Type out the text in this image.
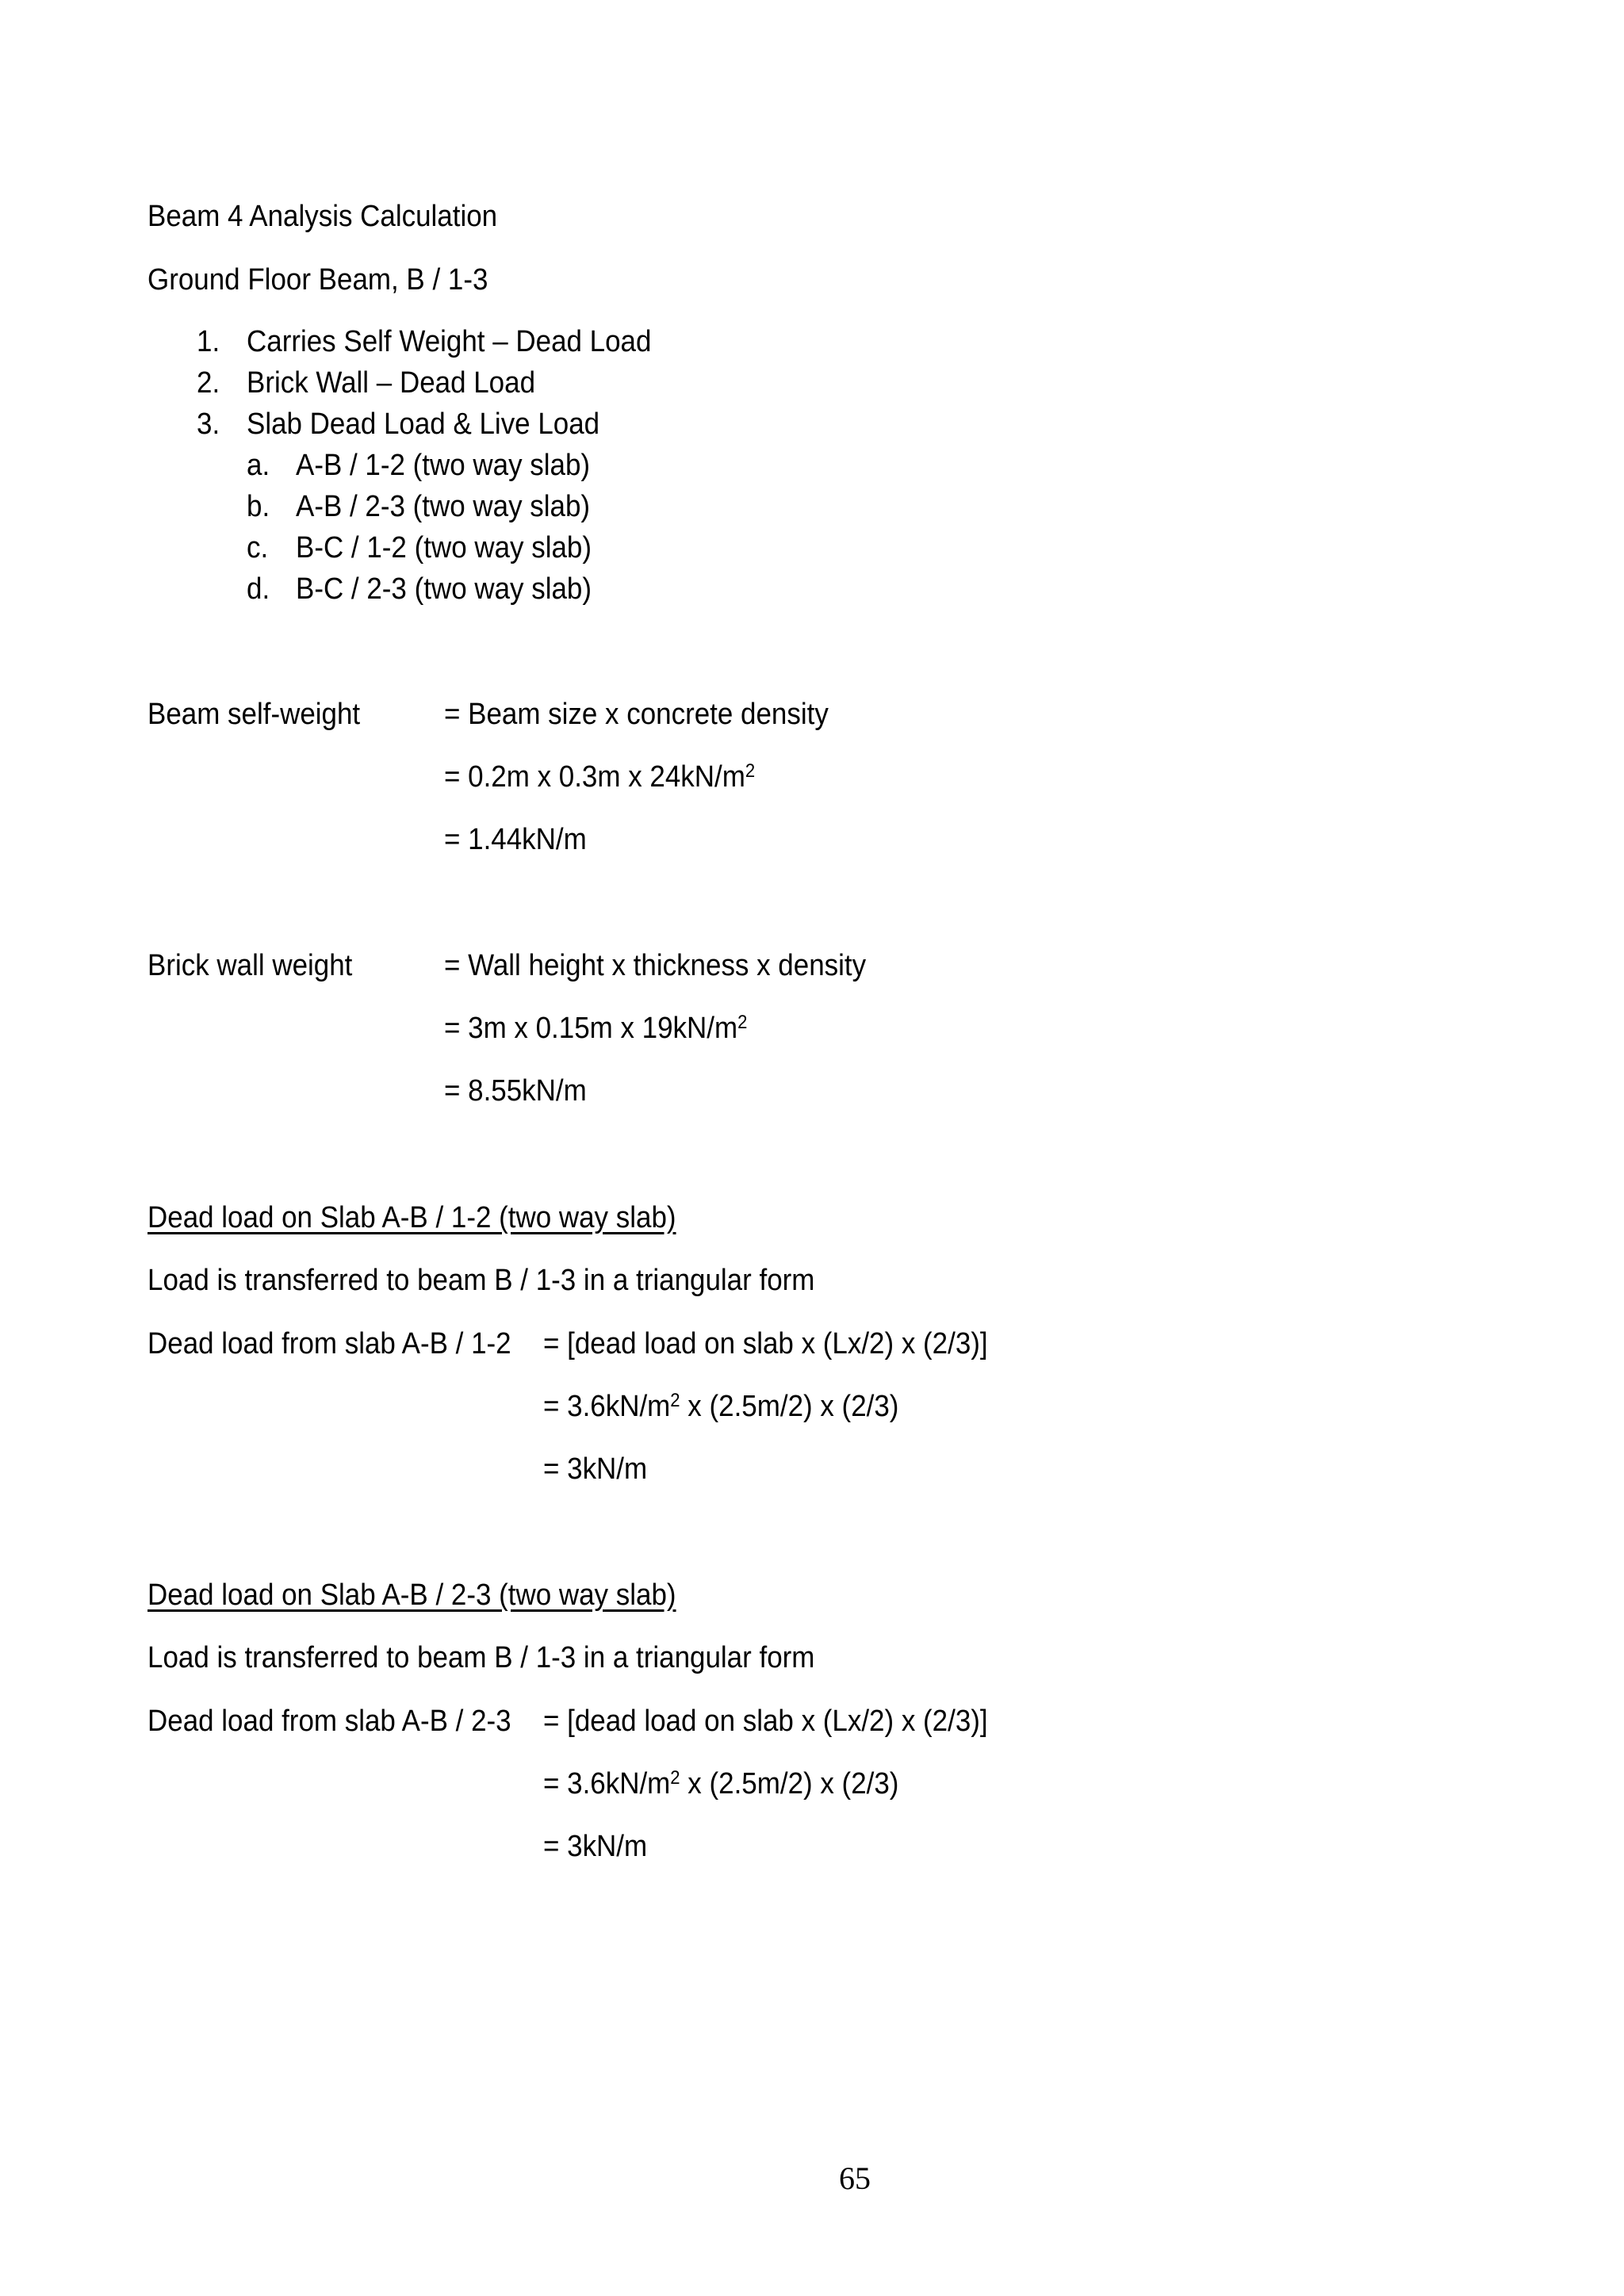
Beam 4 Analysis Calculation
Ground Floor Beam, B / 1-3
1. Carries Self Weight – Dead Load
2. Brick Wall – Dead Load
3. Slab Dead Load & Live Load
a. A-B / 1-2 (two way slab)
b. A-B / 2-3 (two way slab)
c. B-C / 1-2 (two way slab)
d. B-C / 2-3 (two way slab)
Beam self-weight	= Beam size x concrete density
= 0.2m x 0.3m x $24kN/m^2$
= 1.44kN/m
Brick wall weight	= Wall height x thickness x density
= 3m x 0.15m x $19kN/m^2$
= 8.55kN/m
Dead load on Slab A-B / 1-2 (two way slab)
Load is transferred to beam B / 1-3 in a triangular form
Dead load from slab A-B / 1-2 = [dead load on slab x (Lx/2) x (2/3)]
= $3.6kN/m^2$ x (2.5m/2) x (2/3)
= 3kN/m
Dead load on Slab A-B / 2-3 (two way slab)
Load is transferred to beam B / 1-3 in a triangular form
Dead load from slab A-B / 2-3 = [dead load on slab x (Lx/2) x (2/3)]
= $3.6kN/m^2$ x (2.5m/2) x (2/3)
= 3kN/m
65
